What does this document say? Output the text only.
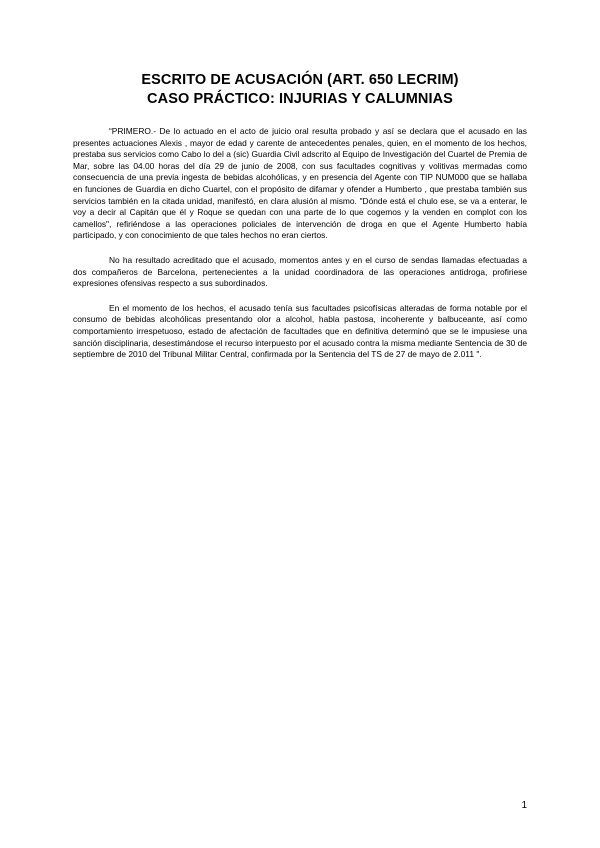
ESCRITO DE ACUSACIÓN (ART. 650 LECRIM)
CASO PRÁCTICO: INJURIAS Y CALUMNIAS

“PRIMERO.- De lo actuado en el acto de juicio oral resulta probado y así se declara que el acusado en las presentes actuaciones Alexis , mayor de edad y carente de antecedentes penales, quien, en el momento de los hechos, prestaba sus servicios como Cabo lo del a (sic) Guardia Civil adscrito al Equipo de Investigación del Cuartel de Premia de Mar, sobre las 04.00 horas del día 29 de junio de 2008, con sus facultades cognitivas y volitivas mermadas como consecuencia de una previa ingesta de bebidas alcohólicas, y en presencia del Agente con TIP NUM000 que se hallaba en funciones de Guardia en dicho Cuartel, con el propósito de difamar y ofender a Humberto , que prestaba también sus servicios también en la citada unidad, manifestó, en clara alusión al mismo. "Dónde está el chulo ese, se va a enterar, le voy a decir al Capitán que él y Roque se quedan con una parte de lo que cogemos y la venden en complot con los camellos", refiriéndose a las operaciones policiales de intervención de droga en que el Agente Humberto había participado, y con conocimiento de que tales hechos no eran ciertos.

No ha resultado acreditado que el acusado, momentos antes y en el curso de sendas llamadas efectuadas a dos compañeros de Barcelona, pertenecientes a la unidad coordinadora de las operaciones antidroga, profiriese expresiones ofensivas respecto a sus subordinados.

En el momento de los hechos, el acusado tenía sus facultades psicofísicas alteradas de forma notable por el consumo de bebidas alcohólicas presentando olor a alcohol, habla pastosa, incoherente y balbuceante, así como comportamiento irrespetuoso, estado de afectación de facultades que en definitiva determinó que se le impusiese una sanción disciplinaria, desestimándose el recurso interpuesto por el acusado contra la misma mediante Sentencia de 30 de septiembre de 2010 del Tribunal Militar Central, confirmada por la Sentencia del TS de 27 de mayo de 2.011 ".

1
